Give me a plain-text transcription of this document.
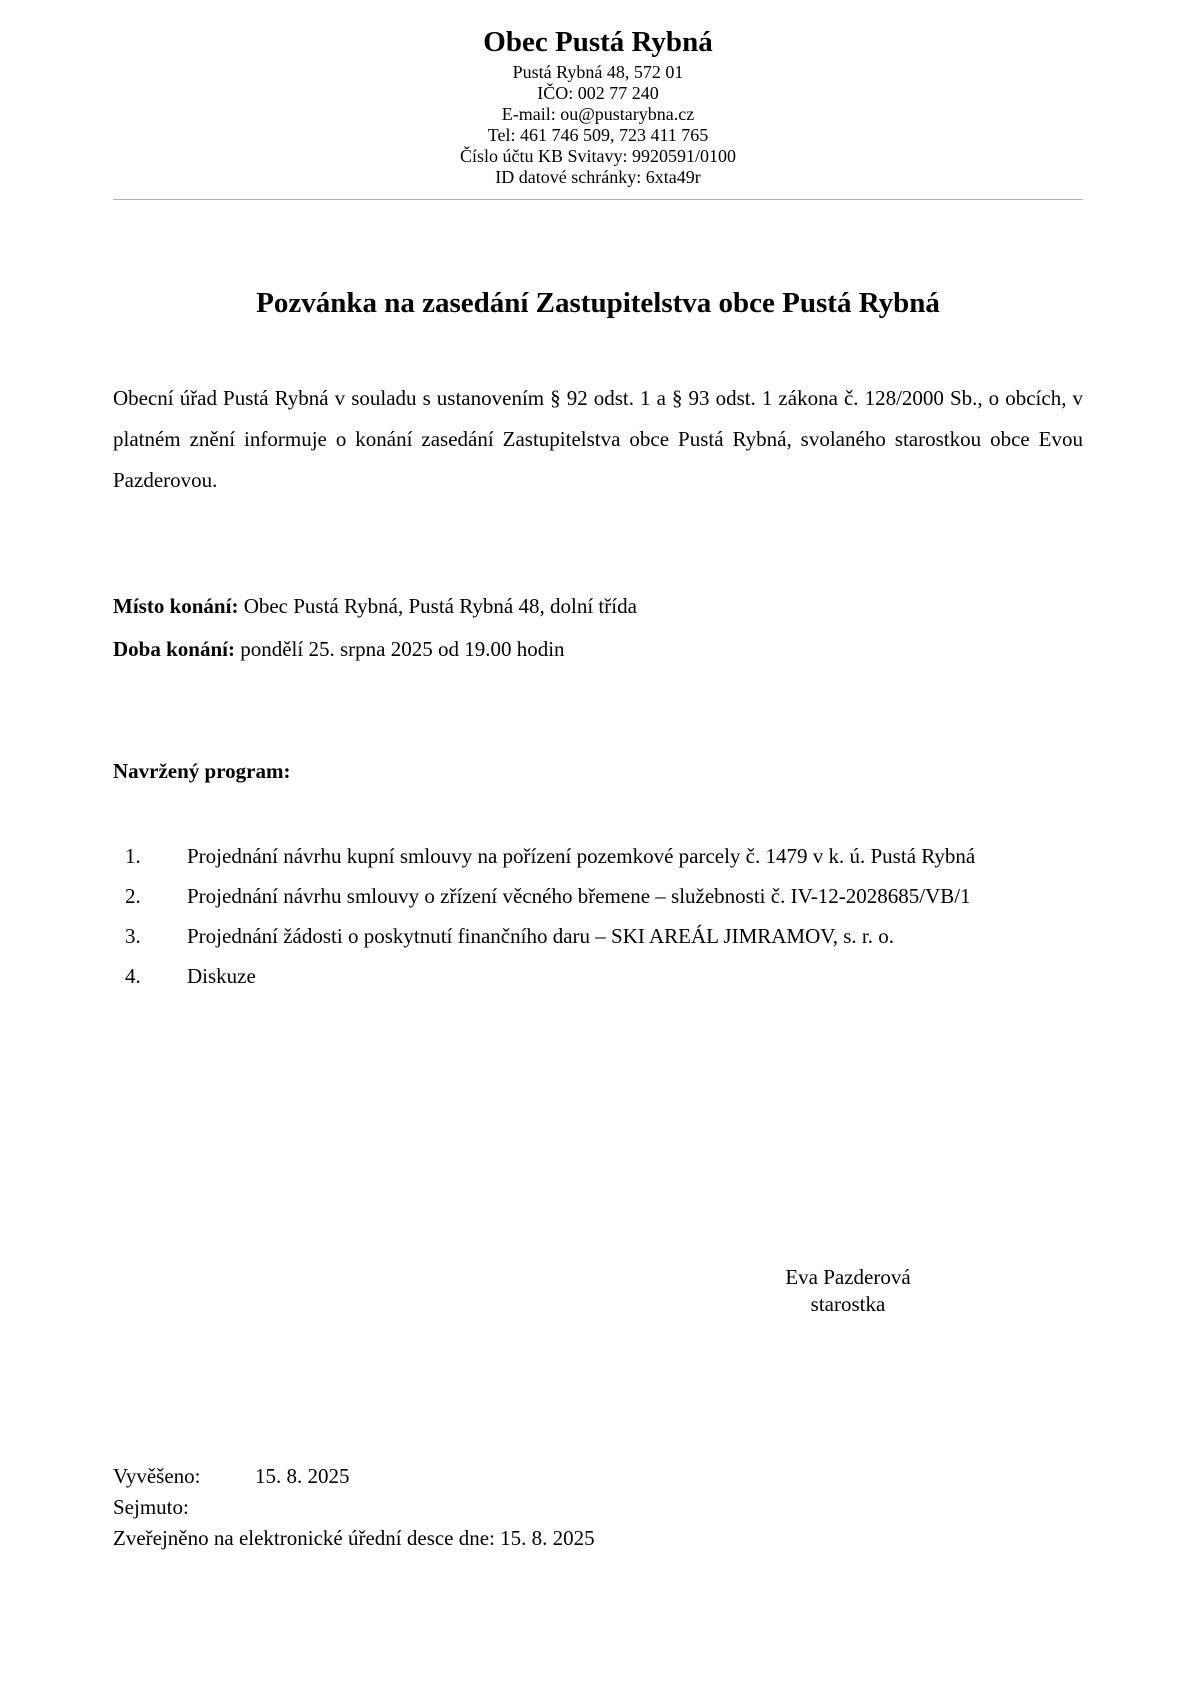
Obec Pustá Rybná
Pustá Rybná 48, 572 01
IČO: 002 77 240
E-mail: ou@pustarybna.cz
Tel: 461 746 509, 723 411 765
Číslo účtu KB Svitavy: 9920591/0100
ID datové schránky: 6xta49r
Pozvánka na zasedání Zastupitelstva obce Pustá Rybná
Obecní úřad Pustá Rybná v souladu s ustanovením § 92 odst. 1 a § 93 odst. 1 zákona č. 128/2000 Sb., o obcích, v platném znění informuje o konání zasedání Zastupitelstva obce Pustá Rybná, svolaného starostkou obce Evou Pazderovou.
Místo konání: Obec Pustá Rybná, Pustá Rybná 48, dolní třída
Doba konání: pondělí 25. srpna 2025 od 19.00 hodin
Navržený program:
1.	Projednání návrhu kupní smlouvy na pořízení pozemkové parcely č. 1479 v k. ú. Pustá Rybná
2.	Projednání návrhu smlouvy o zřízení věcného břemene – služebnosti č. IV-12-2028685/VB/1
3.	Projednání žádosti o poskytnutí finančního daru – SKI AREÁL JIMRAMOV, s. r. o.
4.	Diskuze
Eva Pazderová
starostka
Vyvěšeno:	15. 8. 2025
Sejmuto:
Zveřejněno na elektronické úřední desce dne: 15. 8. 2025
